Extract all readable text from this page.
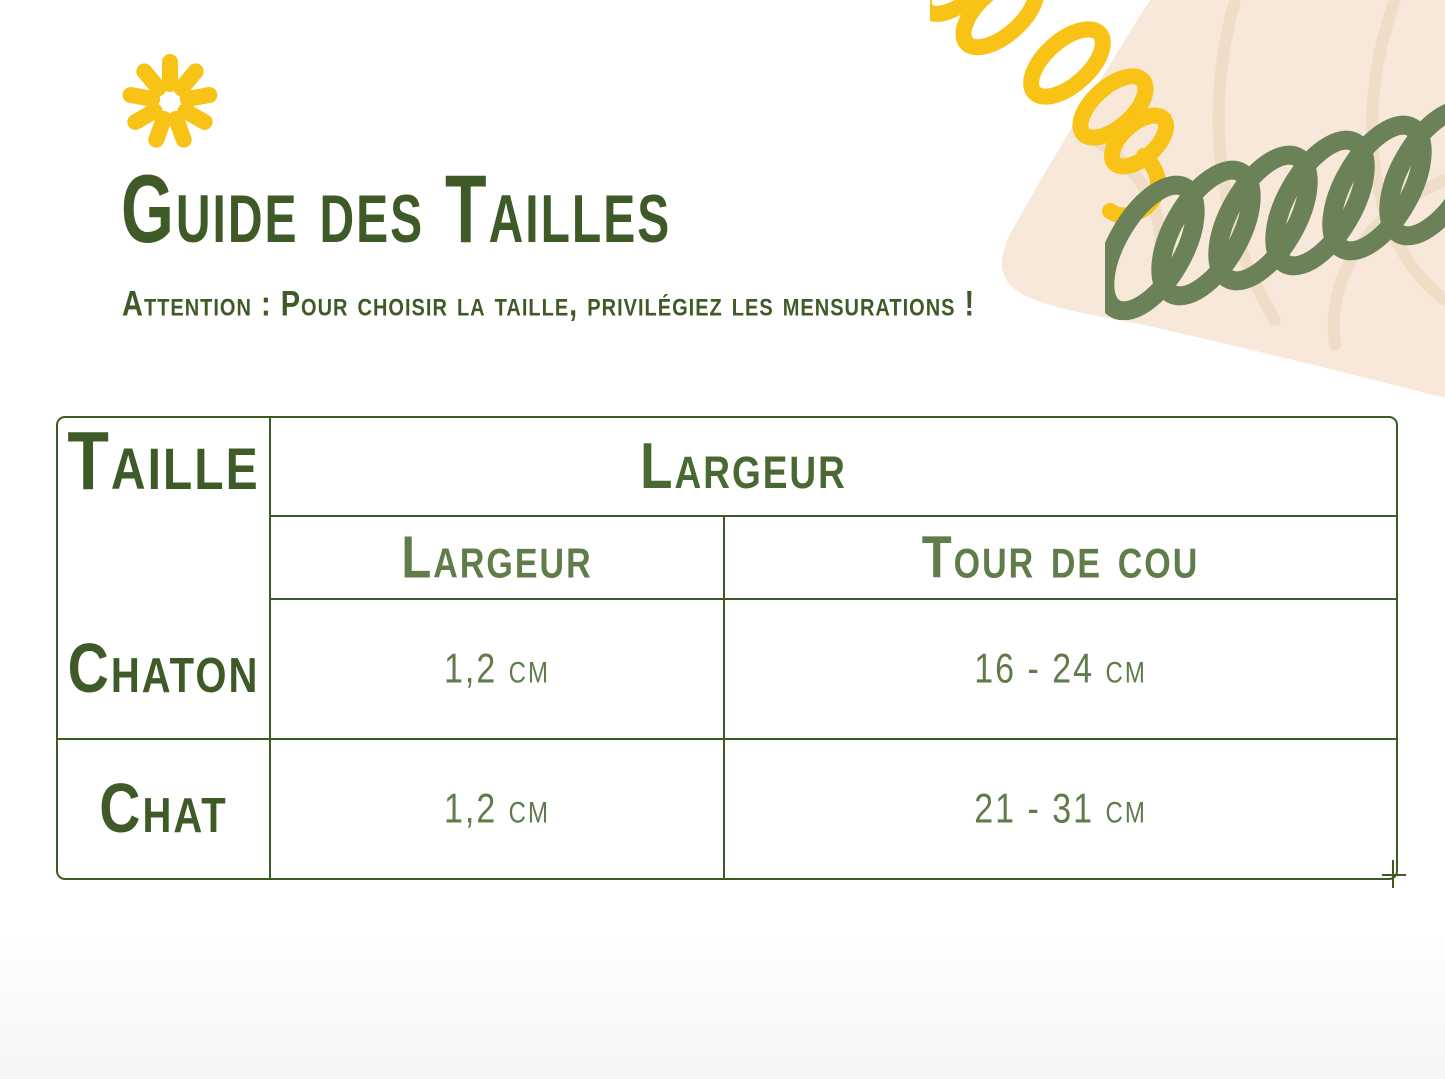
Guide des Tailles

Attention : Pour choisir la taille, privilégiez les mensurations !

Taille	Largeur	
	Largeur	Tour de cou
Chaton	1,2 cm	16 - 24 cm
Chat	1,2 cm	21 - 31 cm
